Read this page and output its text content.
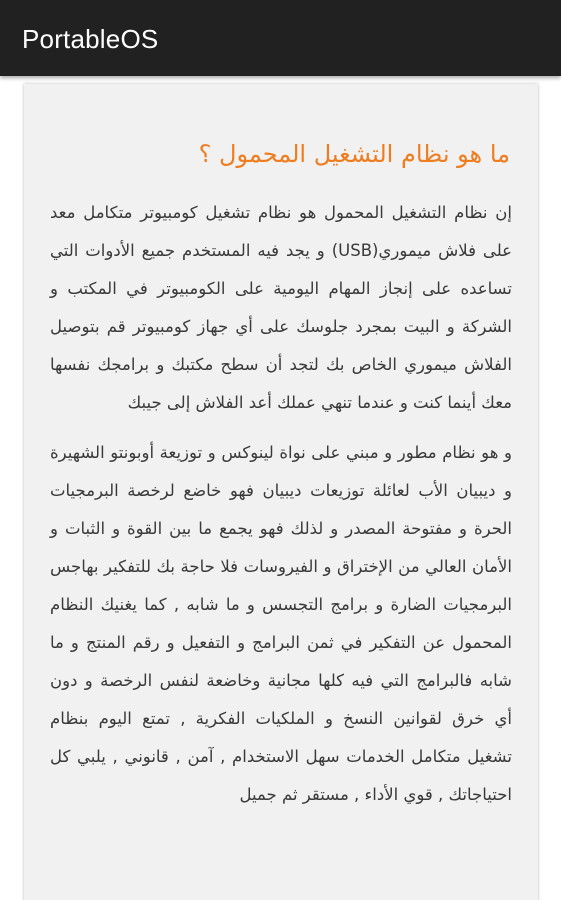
PortableOS
ما هو نظام التشغيل المحمول ؟

إن نظام التشغيل المحمول هو نظام تشغيل كومبيوتر متكامل معد على فلاش ميموري(USB) و يجد فيه المستخدم جميع الأدوات التي تساعده على إنجاز المهام اليومية على الكومبيوتر في المكتب و الشركة و البيت بمجرد جلوسك على أي جهاز كومبيوتر قم بتوصيل الفلاش ميموري الخاص بك لتجد أن سطح مكتبك و برامجك نفسها معك أينما كنت و عندما تنهي عملك أعد الفلاش إلى جيبك

و هو نظام مطور و مبني على نواة لينوكس و توزيعة أوبونتو الشهيرة و ديبيان الأب لعائلة توزيعات ديبيان فهو خاضع لرخصة البرمجيات الحرة و مفتوحة المصدر و لذلك فهو يجمع ما بين القوة و الثبات و الأمان العالي من الإختراق و الفيروسات فلا حاجة بك للتفكير بهاجس البرمجيات الضارة و برامج التجسس و ما شابه , كما يغنيك النظام المحمول عن التفكير في ثمن البرامج و التفعيل و رقم المنتج و ما شابه فالبرامج التي فيه كلها مجانية وخاضعة لنفس الرخصة و دون أي خرق لقوانين النسخ و الملكيات الفكرية , تمتع اليوم بنظام تشغيل متكامل الخدمات سهل الاستخدام , آمن , قانوني , يلبي كل احتياجاتك , قوي الأداء , مستقر ثم جميل
